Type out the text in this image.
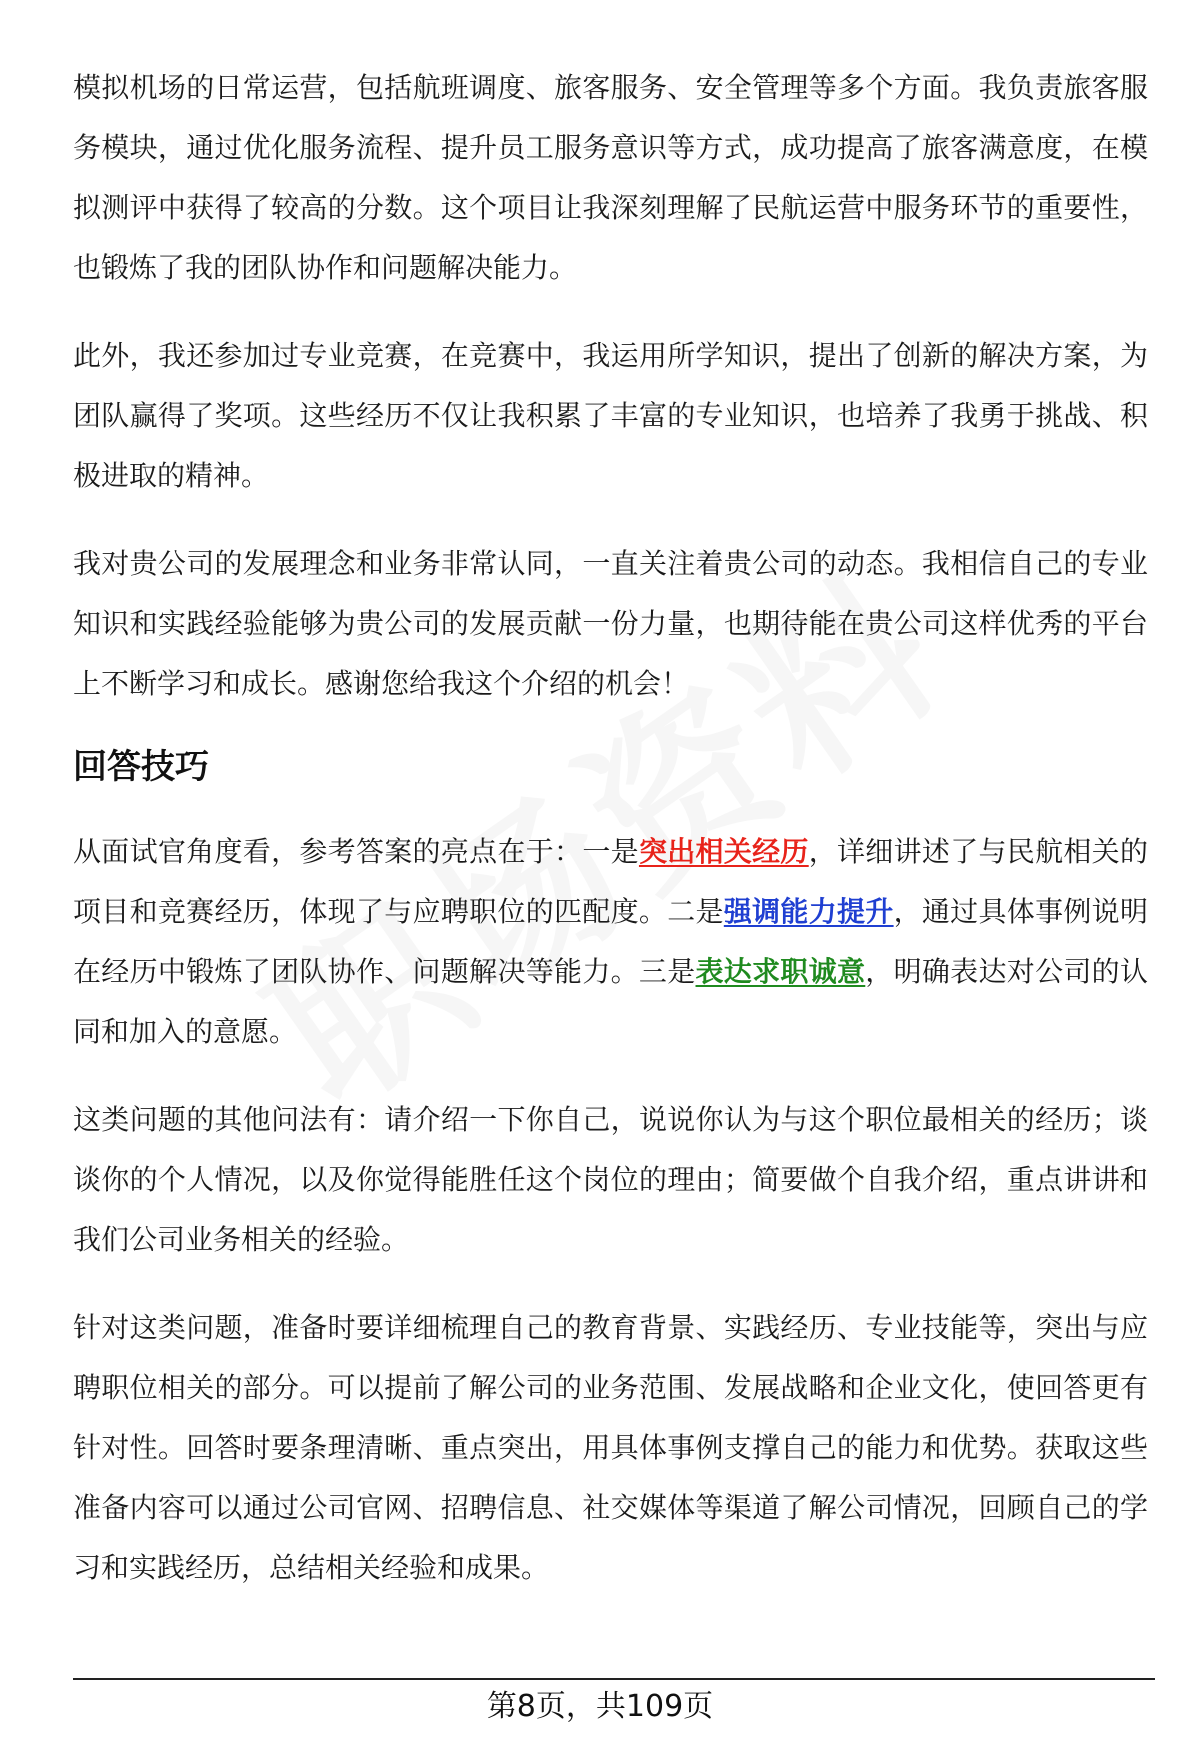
模拟机场的日常运营，包括航班调度、旅客服务、安全管理等多个方面。我负责旅客服务模块，通过优化服务流程、提升员工服务意识等方式，成功提高了旅客满意度，在模拟测评中获得了较高的分数。这个项目让我深刻理解了民航运营中服务环节的重要性，也锻炼了我的团队协作和问题解决能力。

此外，我还参加过专业竞赛，在竞赛中，我运用所学知识，提出了创新的解决方案，为团队赢得了奖项。这些经历不仅让我积累了丰富的专业知识，也培养了我勇于挑战、积极进取的精神。

我对贵公司的发展理念和业务非常认同，一直关注着贵公司的动态。我相信自己的专业知识和实践经验能够为贵公司的发展贡献一份力量，也期待能在贵公司这样优秀的平台上不断学习和成长。感谢您给我这个介绍的机会！

回答技巧

从面试官角度看，参考答案的亮点在于：一是突出相关经历，详细讲述了与民航相关的项目和竞赛经历，体现了与应聘职位的匹配度。二是强调能力提升，通过具体事例说明在经历中锻炼了团队协作、问题解决等能力。三是表达求职诚意，明确表达对公司的认同和加入的意愿。

这类问题的其他问法有：请介绍一下你自己，说说你认为与这个职位最相关的经历；谈谈你的个人情况，以及你觉得能胜任这个岗位的理由；简要做个自我介绍，重点讲讲和我们公司业务相关的经验。

针对这类问题，准备时要详细梳理自己的教育背景、实践经历、专业技能等，突出与应聘职位相关的部分。可以提前了解公司的业务范围、发展战略和企业文化，使回答更有针对性。回答时要条理清晰、重点突出，用具体事例支撑自己的能力和优势。获取这些准备内容可以通过公司官网、招聘信息、社交媒体等渠道了解公司情况，回顾自己的学习和实践经历，总结相关经验和成果。

第8页，共109页
